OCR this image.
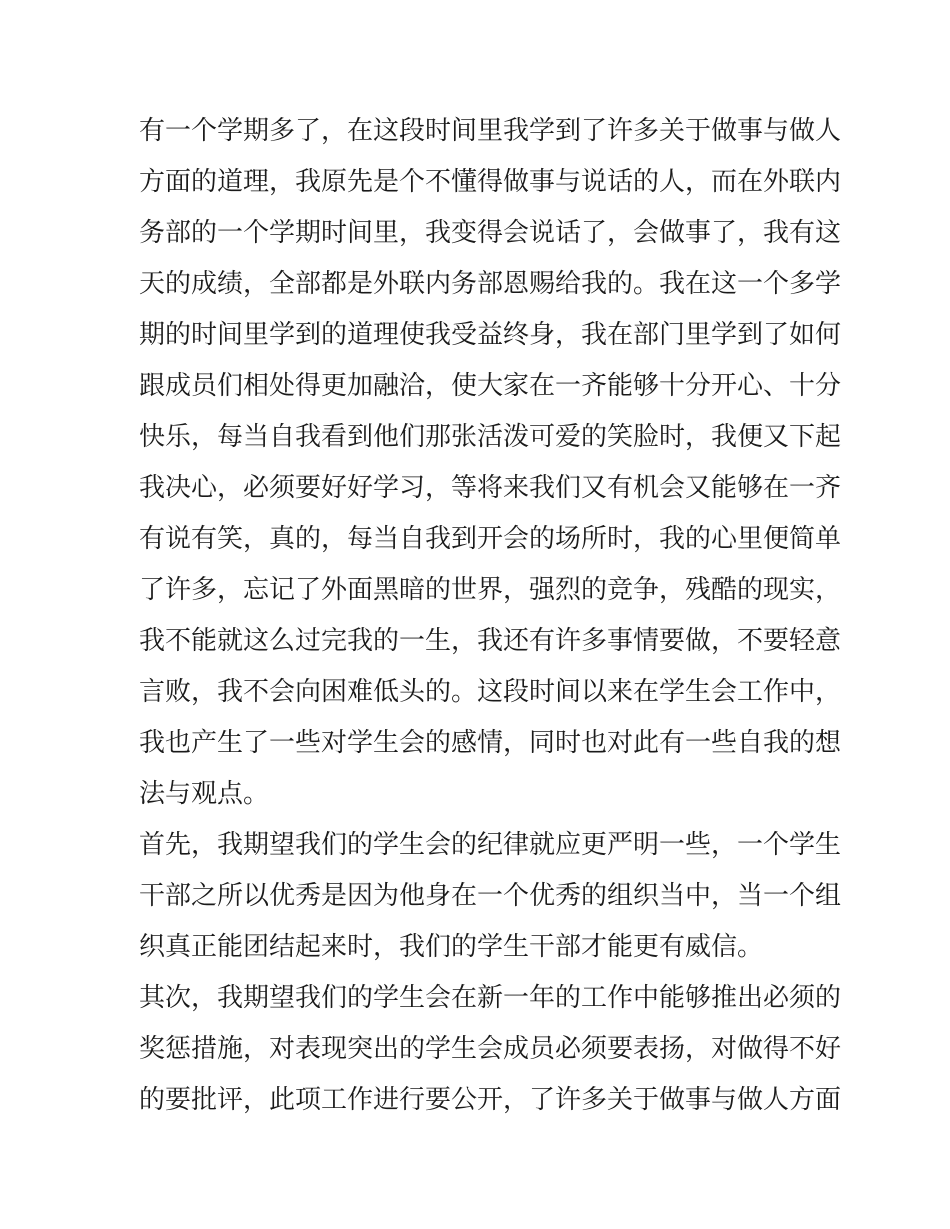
有一个学期多了，在这段时间里我学到了许多关于做事与做人
方面的道理，我原先是个不懂得做事与说话的人，而在外联内
务部的一个学期时间里，我变得会说话了，会做事了，我有这
天的成绩，全部都是外联内务部恩赐给我的。我在这一个多学
期的时间里学到的道理使我受益终身，我在部门里学到了如何
跟成员们相处得更加融洽，使大家在一齐能够十分开心、十分
快乐，每当自我看到他们那张活泼可爱的笑脸时，我便又下起
我决心，必须要好好学习，等将来我们又有机会又能够在一齐
有说有笑，真的，每当自我到开会的场所时，我的心里便简单
了许多，忘记了外面黑暗的世界，强烈的竞争，残酷的现实，
我不能就这么过完我的一生，我还有许多事情要做，不要轻意
言败，我不会向困难低头的。这段时间以来在学生会工作中，
我也产生了一些对学生会的感情，同时也对此有一些自我的想
法与观点。
首先，我期望我们的学生会的纪律就应更严明一些，一个学生
干部之所以优秀是因为他身在一个优秀的组织当中，当一个组
织真正能团结起来时，我们的学生干部才能更有威信。
其次，我期望我们的学生会在新一年的工作中能够推出必须的
奖惩措施，对表现突出的学生会成员必须要表扬，对做得不好
的要批评，此项工作进行要公开，了许多关于做事与做人方面
